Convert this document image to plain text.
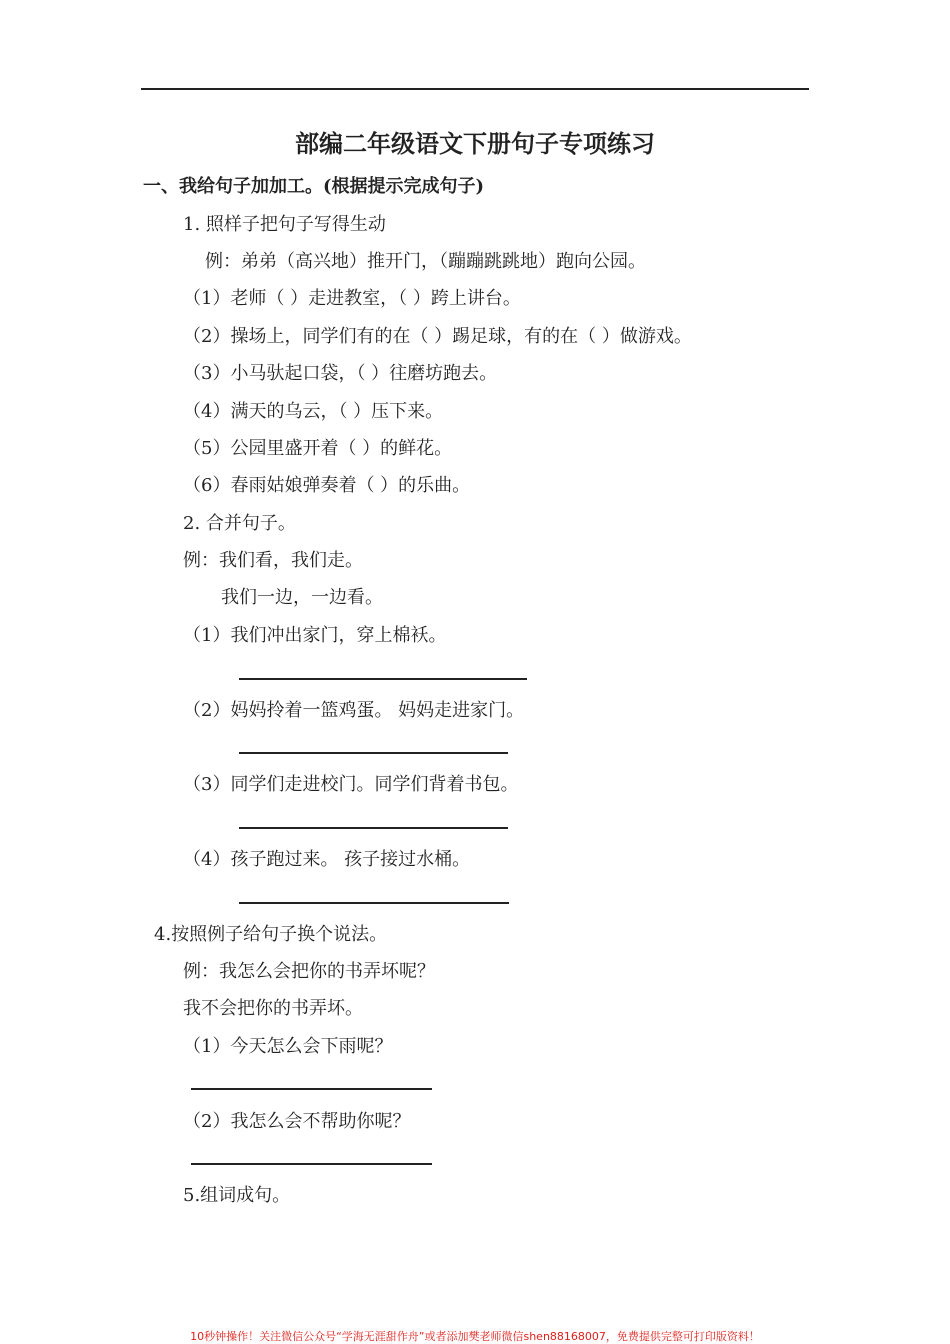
部编二年级语文下册句子专项练习
一、我给句子加加工。(根据提示完成句子)
1. 照样子把句子写得生动
例：弟弟（高兴地）推开门，（蹦蹦跳跳地）跑向公园。
（1）老师（ ）走进教室，（ ）跨上讲台。
（2）操场上，同学们有的在（ ）踢足球，有的在（ ）做游戏。
（3）小马驮起口袋，（ ）往磨坊跑去。
（4）满天的乌云，（ ）压下来。
（5）公园里盛开着（ ）的鲜花。
（6）春雨姑娘弹奏着（ ）的乐曲。
2. 合并句子。
例：我们看，我们走。
我们一边，一边看。
（1）我们冲出家门，穿上棉袄。
（2）妈妈拎着一篮鸡蛋。 妈妈走进家门。
（3）同学们走进校门。同学们背着书包。
（4）孩子跑过来。 孩子接过水桶。
4.按照例子给句子换个说法。
例：我怎么会把你的书弄坏呢？
我不会把你的书弄坏。
（1）今天怎么会下雨呢？
（2）我怎么会不帮助你呢？
5.组词成句。
10秒钟操作！关注微信公众号“学海无涯甜作舟”或者添加樊老师微信shen88168007，免费提供完整可打印版资料！
